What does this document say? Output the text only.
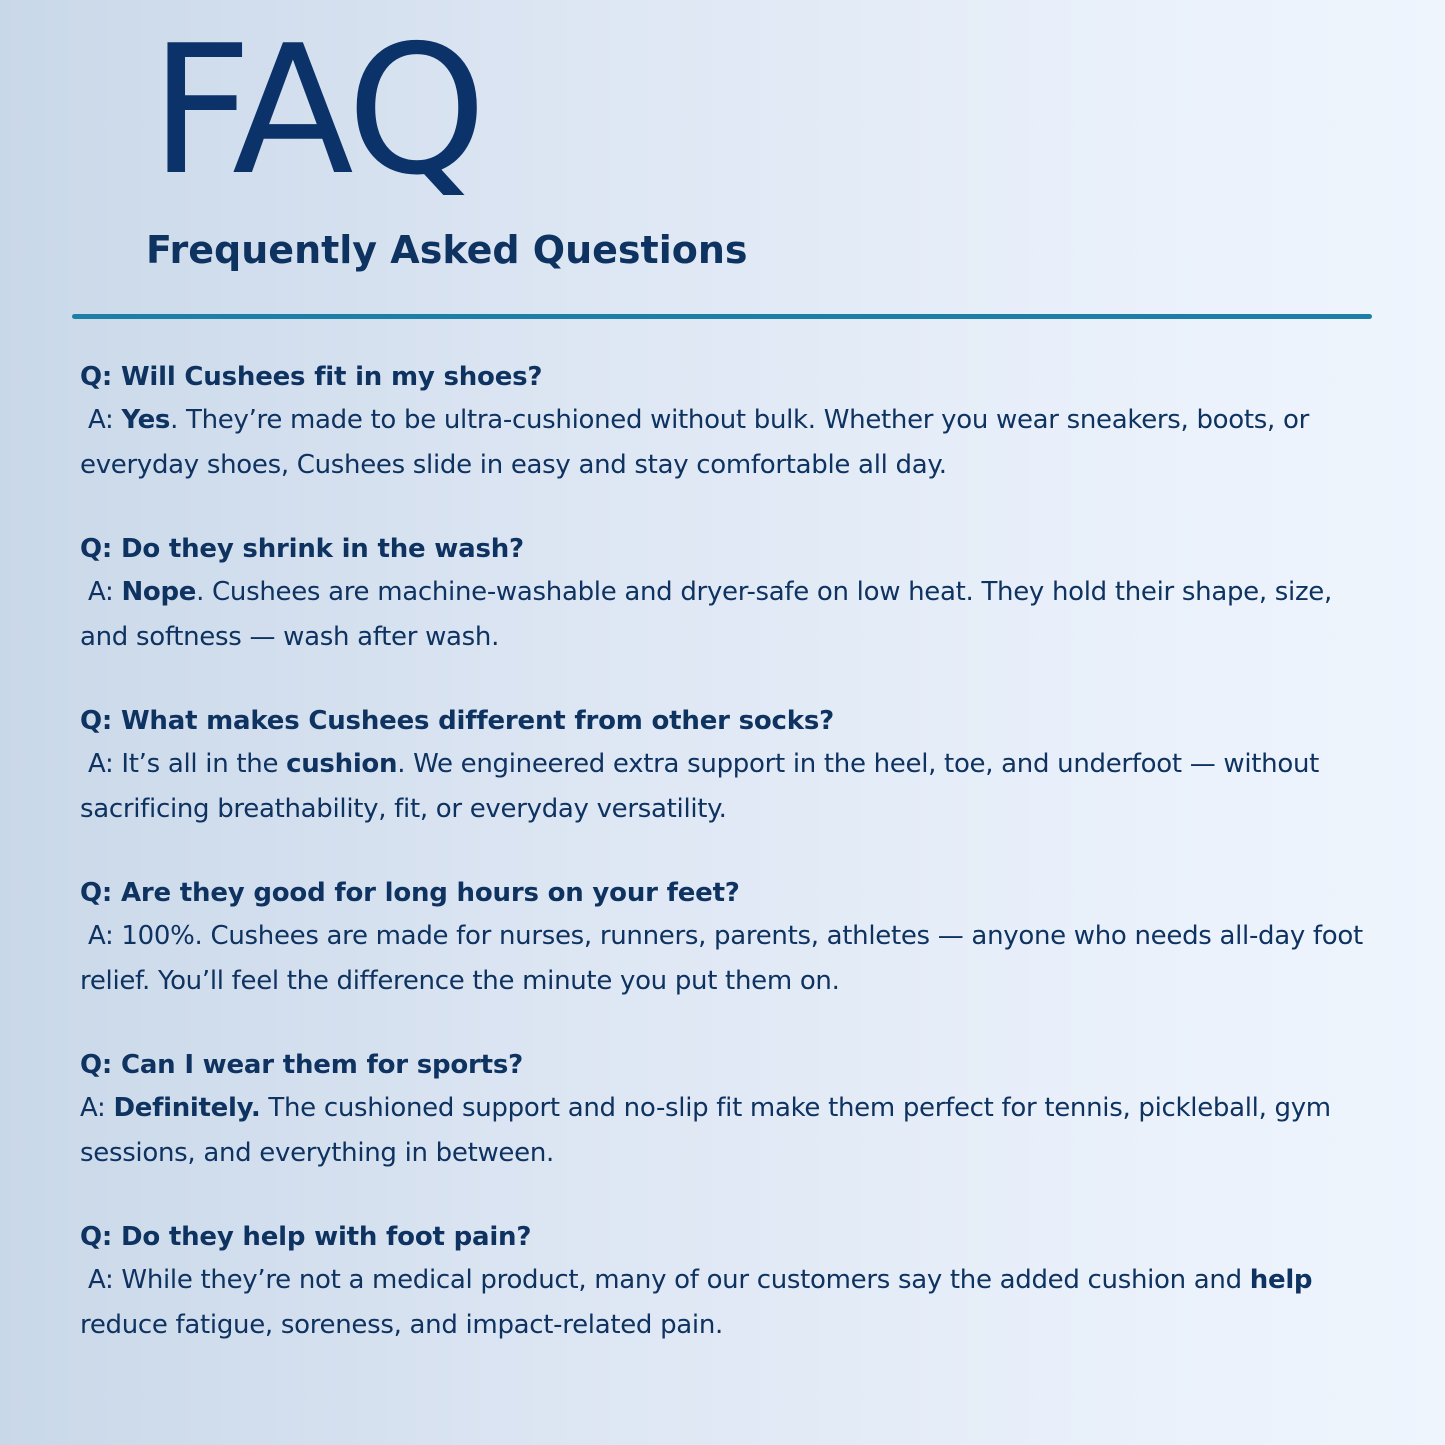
FAQ
Frequently Asked Questions

Q: Will Cushees fit in my shoes?

A: Yes. They’re made to be ultra-cushioned without bulk. Whether you wear sneakers, boots, or everyday shoes, Cushees slide in easy and stay comfortable all day.

Q: Do they shrink in the wash?

A: Nope. Cushees are machine-washable and dryer-safe on low heat. They hold their shape, size, and softness — wash after wash.

Q: What makes Cushees different from other socks?

A: It’s all in the cushion. We engineered extra support in the heel, toe, and underfoot — without sacrificing breathability, fit, or everyday versatility.

Q: Are they good for long hours on your feet?

A: 100%. Cushees are made for nurses, runners, parents, athletes — anyone who needs all-day foot relief. You’ll feel the difference the minute you put them on.

Q: Can I wear them for sports?

A: Definitely. The cushioned support and no-slip fit make them perfect for tennis, pickleball, gym sessions, and everything in between.

Q: Do they help with foot pain?

A: While they’re not a medical product, many of our customers say the added cushion and help reduce fatigue, soreness, and impact-related pain.
